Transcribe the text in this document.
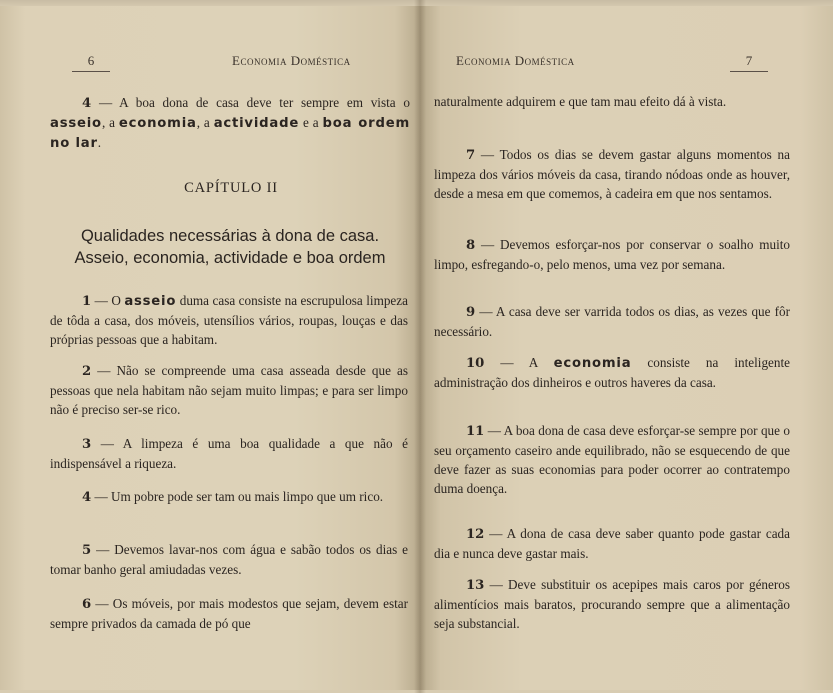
6	Economia Doméstica

4 — A boa dona de casa deve ter sempre em vista o asseio, a economia, a actividade e a boa ordem no lar.

CAPÍTULO II
Qualidades necessárias à dona de casa.
Asseio, economia, actividade e boa ordem

1 — O asseio duma casa consiste na escrupulosa limpeza de tôda a casa, dos móveis, utensílios vários, roupas, louças e das próprias pessoas que a habitam.

2 — Não se compreende uma casa asseada desde que as pessoas que nela habitam não sejam muito limpas; e para ser limpo não é preciso ser-se rico.

3 — A limpeza é uma boa qualidade a que não é indispensável a riqueza.

4 — Um pobre pode ser tam ou mais limpo que um rico.

5 — Devemos lavar-nos com água e sabão todos os dias e tomar banho geral amiudadas vezes.

6 — Os móveis, por mais modestos que sejam, devem estar sempre privados da camada de pó que

Economia Doméstica	7

naturalmente adquirem e que tam mau efeito dá à vista.

7 — Todos os dias se devem gastar alguns momentos na limpeza dos vários móveis da casa, tirando nódoas onde as houver, desde a mesa em que comemos, à cadeira em que nos sentamos.

8 — Devemos esforçar-nos por conservar o soalho muito limpo, esfregando-o, pelo menos, uma vez por semana.

9 — A casa deve ser varrida todos os dias, as vezes que fôr necessário.

10 — A economia consiste na inteligente administração dos dinheiros e outros haveres da casa.

11 — A boa dona de casa deve esforçar-se sempre por que o seu orçamento caseiro ande equilibrado, não se esquecendo de que deve fazer as suas economias para poder ocorrer ao contratempo duma doença.

12 — A dona de casa deve saber quanto pode gastar cada dia e nunca deve gastar mais.

13 — Deve substituir os acepipes mais caros por géneros alimentícios mais baratos, procurando sempre que a alimentação seja substancial.
